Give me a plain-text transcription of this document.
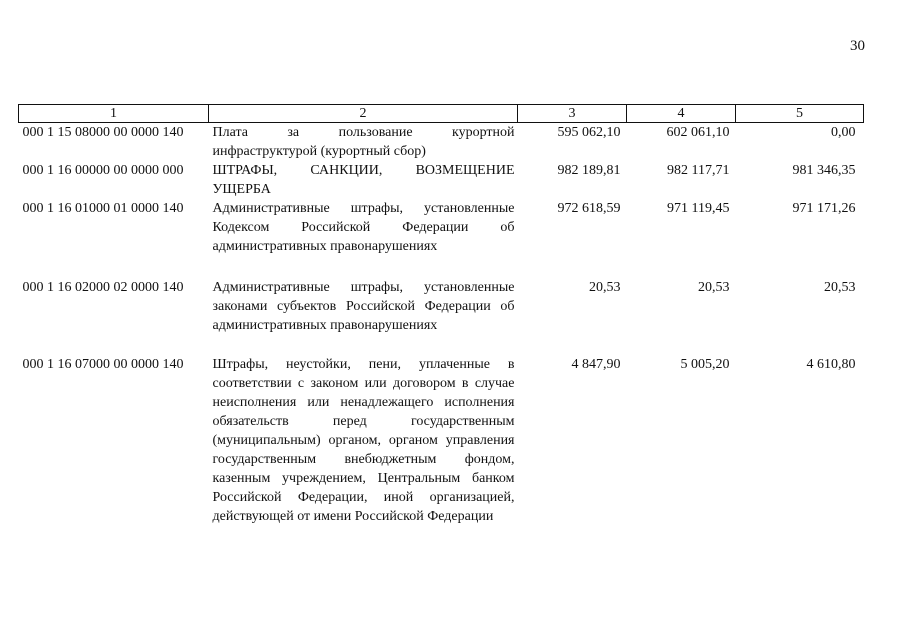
30
1	2	3	4	5
000 1 15 08000 00 0000 140	Плата за пользование курортной инфраструктурой (курортный сбор)	595 062,10	602 061,10	0,00
000 1 16 00000 00 0000 000	ШТРАФЫ, САНКЦИИ, ВОЗМЕЩЕНИЕ УЩЕРБА	982 189,81	982 117,71	981 346,35
000 1 16 01000 01 0000 140	Административные штрафы, установленные Кодексом Российской Федерации об административных правонарушениях	972 618,59	971 119,45	971 171,26
000 1 16 02000 02 0000 140	Административные штрафы, установленные законами субъектов Российской Федерации об административных правонарушениях	20,53	20,53	20,53
000 1 16 07000 00 0000 140	Штрафы, неустойки, пени, уплаченные в соответствии с законом или договором в случае неисполнения или ненадлежащего исполнения обязательств перед государственным (муниципальным) органом, органом управления государственным внебюджетным фондом, казенным учреждением, Центральным банком Российской Федерации, иной организацией, действующей от имени Российской Федерации	4 847,90	5 005,20	4 610,80
